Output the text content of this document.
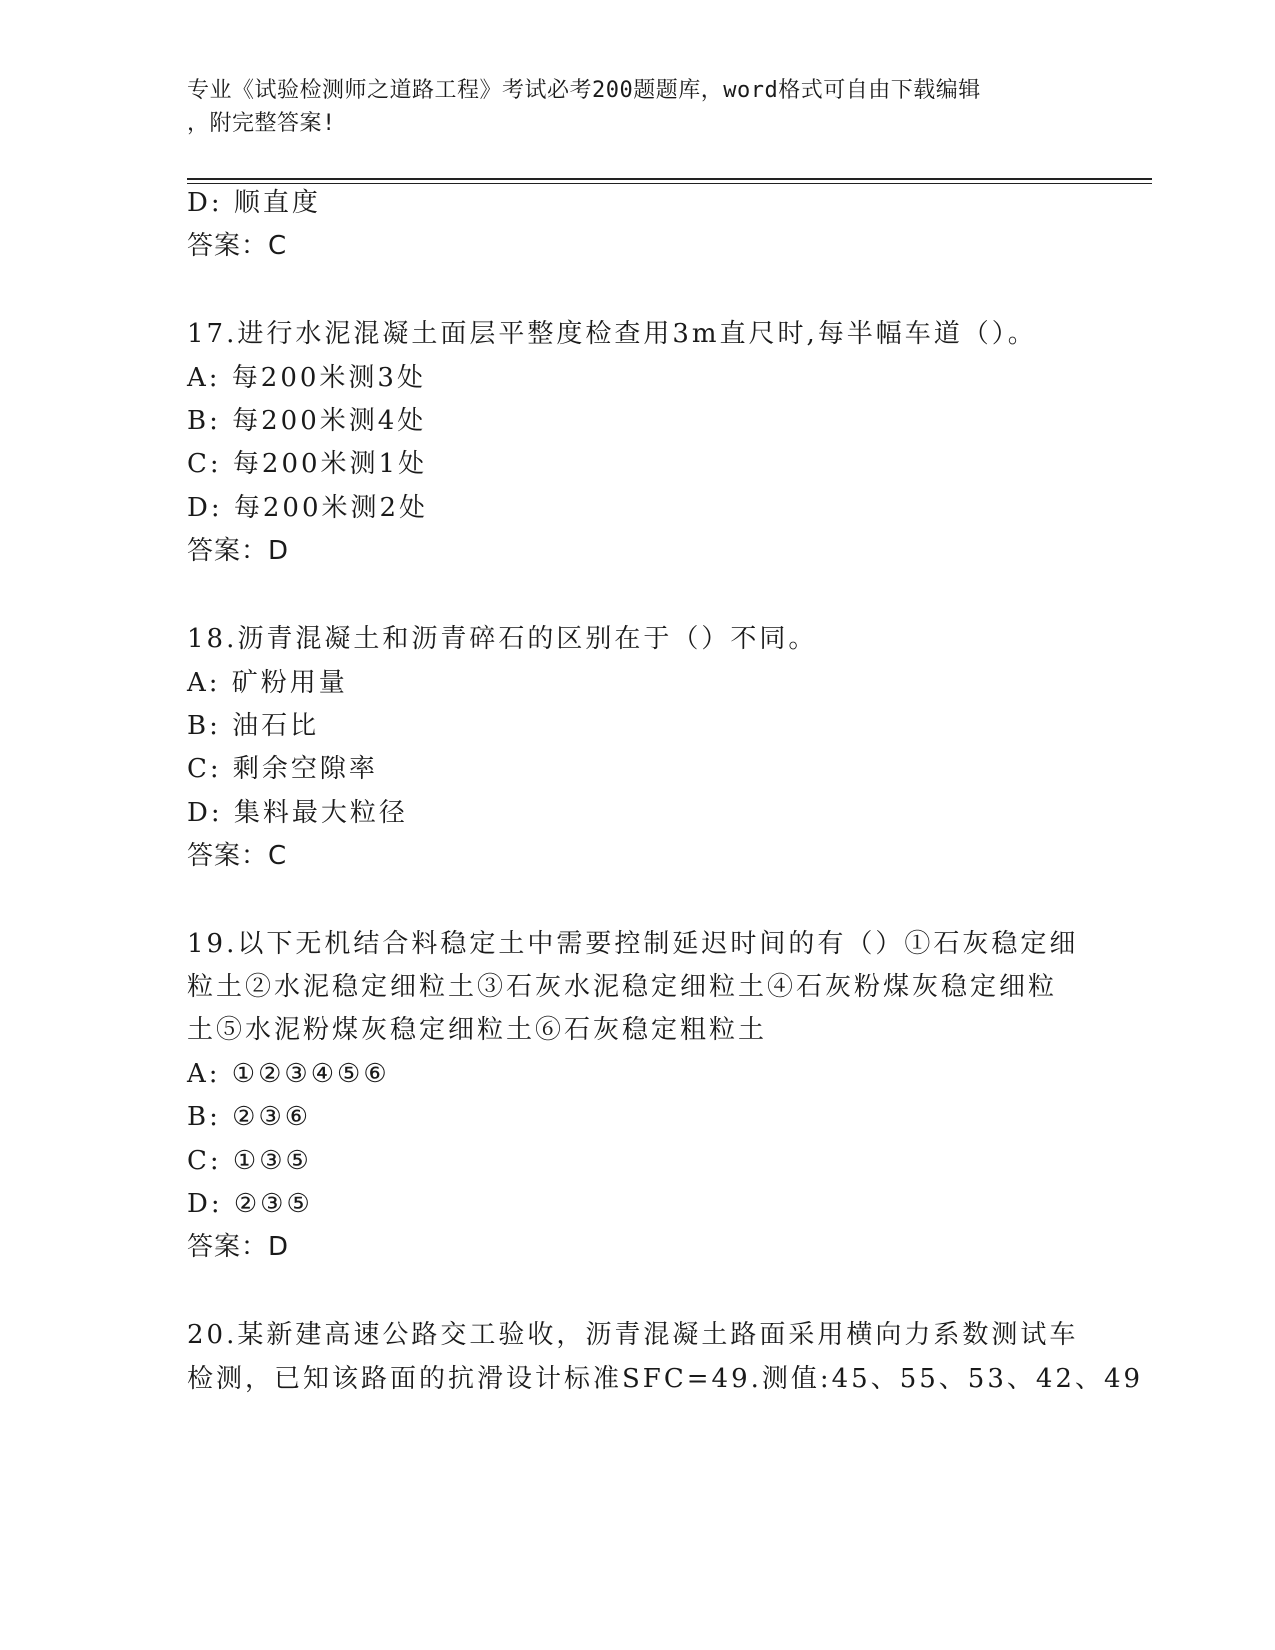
专业《试验检测师之道路工程》考试必考200题题库，word格式可自由下载编辑
，附完整答案!
D: 顺直度
答案：C
17.进行水泥混凝土面层平整度检查用3m直尺时,每半幅车道（）。
A: 每200米测3处
B: 每200米测4处
C: 每200米测1处
D: 每200米测2处
答案：D
18.沥青混凝土和沥青碎石的区别在于（）不同。
A: 矿粉用量
B: 油石比
C: 剩余空隙率
D: 集料最大粒径
答案：C
19.以下无机结合料稳定土中需要控制延迟时间的有（）①石灰稳定细
粒土②水泥稳定细粒土③石灰水泥稳定细粒土④石灰粉煤灰稳定细粒
土⑤水泥粉煤灰稳定细粒土⑥石灰稳定粗粒土
A: ①②③④⑤⑥
B: ②③⑥
C: ①③⑤
D: ②③⑤
答案：D
20.某新建高速公路交工验收，沥青混凝土路面采用横向力系数测试车
检测，已知该路面的抗滑设计标准SFC=49.测值:45、55、53、42、49
